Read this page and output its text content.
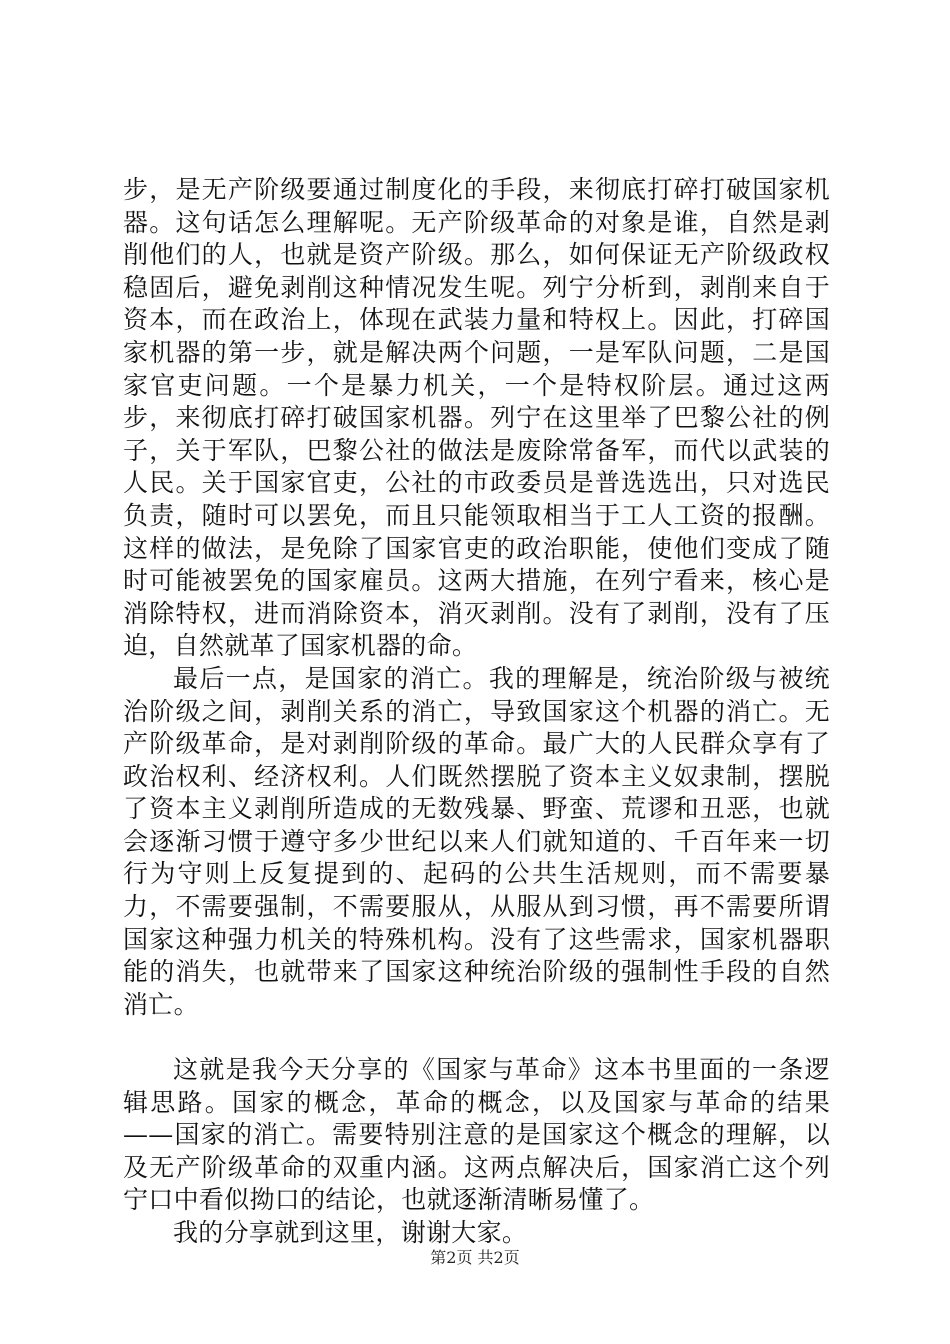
步，是无产阶级要通过制度化的手段，来彻底打碎打破国家机器。这句话怎么理解呢。无产阶级革命的对象是谁，自然是剥削他们的人，也就是资产阶级。那么，如何保证无产阶级政权稳固后，避免剥削这种情况发生呢。列宁分析到，剥削来自于资本，而在政治上，体现在武装力量和特权上。因此，打碎国家机器的第一步，就是解决两个问题，一是军队问题，二是国家官吏问题。一个是暴力机关，一个是特权阶层。通过这两步，来彻底打碎打破国家机器。列宁在这里举了巴黎公社的例子，关于军队，巴黎公社的做法是废除常备军，而代以武装的人民。关于国家官吏，公社的市政委员是普选选出，只对选民负责，随时可以罢免，而且只能领取相当于工人工资的报酬。这样的做法，是免除了国家官吏的政治职能，使他们变成了随时可能被罢免的国家雇员。这两大措施，在列宁看来，核心是消除特权，进而消除资本，消灭剥削。没有了剥削，没有了压迫，自然就革了国家机器的命。

最后一点，是国家的消亡。我的理解是，统治阶级与被统治阶级之间，剥削关系的消亡，导致国家这个机器的消亡。无产阶级革命，是对剥削阶级的革命。最广大的人民群众享有了政治权利、经济权利。人们既然摆脱了资本主义奴隶制，摆脱了资本主义剥削所造成的无数残暴、野蛮、荒谬和丑恶，也就会逐渐习惯于遵守多少世纪以来人们就知道的、千百年来一切行为守则上反复提到的、起码的公共生活规则，而不需要暴力，不需要强制，不需要服从，从服从到习惯，再不需要所谓国家这种强力机关的特殊机构。没有了这些需求，国家机器职能的消失，也就带来了国家这种统治阶级的强制性手段的自然消亡。

这就是我今天分享的《国家与革命》这本书里面的一条逻辑思路。国家的概念，革命的概念，以及国家与革命的结果——国家的消亡。需要特别注意的是国家这个概念的理解，以及无产阶级革命的双重内涵。这两点解决后，国家消亡这个列宁口中看似拗口的结论，也就逐渐清晰易懂了。

我的分享就到这里，谢谢大家。

第2页 共2页
